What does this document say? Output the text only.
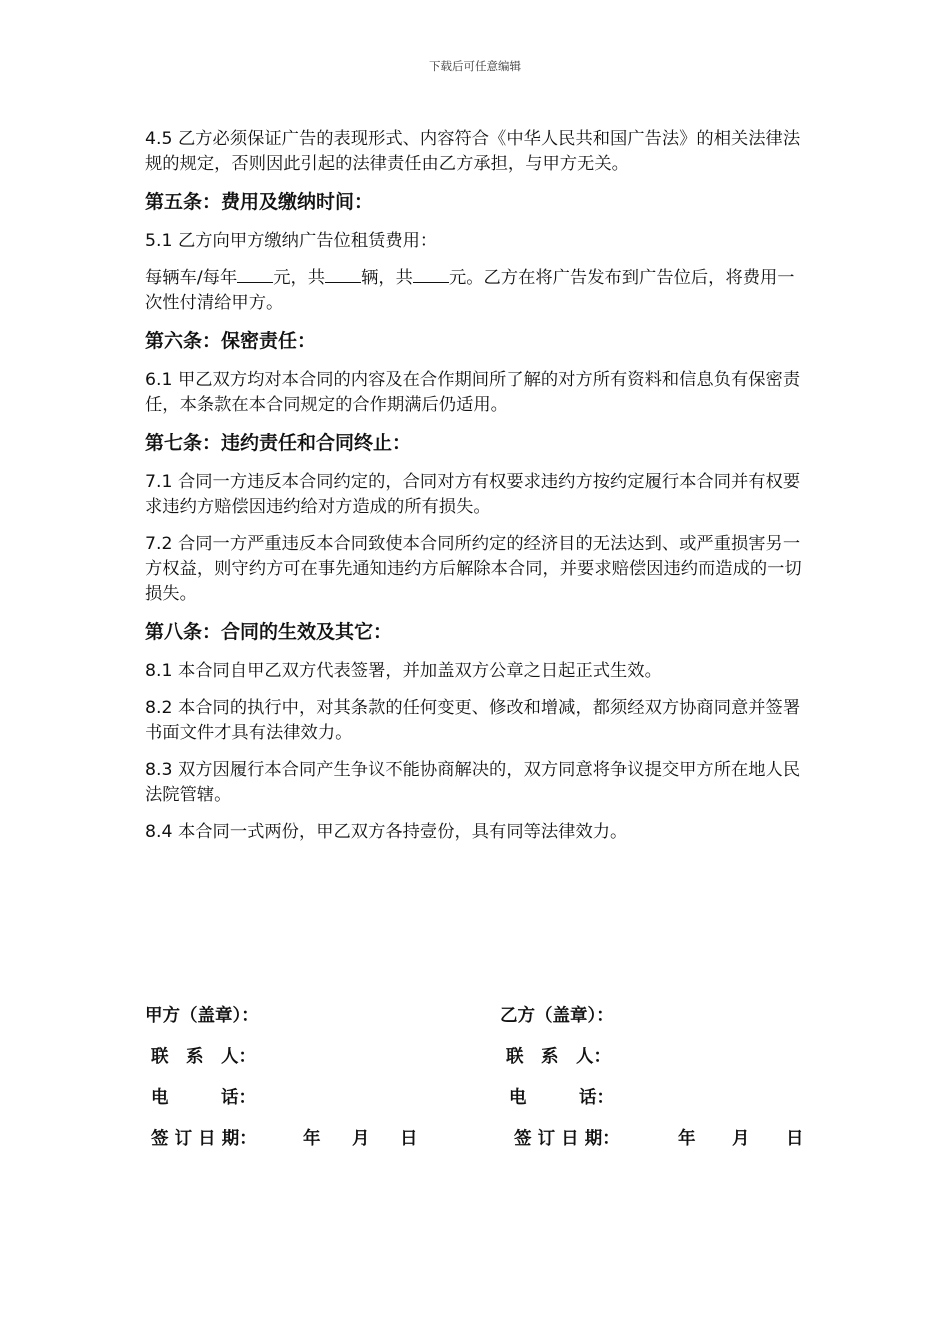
下载后可任意编辑

4.5 乙方必须保证广告的表现形式、内容符合《中华人民共和国广告法》的相关法律法规的规定，否则因此引起的法律责任由乙方承担，与甲方无关。

第五条：费用及缴纳时间：

5.1 乙方向甲方缴纳广告位租赁费用：

每辆车/每年 元，共 辆，共 元。乙方在将广告发布到广告位后，将费用一次性付清给甲方。

第六条：保密责任：

6.1 甲乙双方均对本合同的内容及在合作期间所了解的对方所有资料和信息负有保密责任，本条款在本合同规定的合作期满后仍适用。

第七条：违约责任和合同终止：

7.1 合同一方违反本合同约定的，合同对方有权要求违约方按约定履行本合同并有权要求违约方赔偿因违约给对方造成的所有损失。

7.2 合同一方严重违反本合同致使本合同所约定的经济目的无法达到、或严重损害另一方权益，则守约方可在事先通知违约方后解除本合同，并要求赔偿因违约而造成的一切损失。

第八条：合同的生效及其它：

8.1 本合同自甲乙双方代表签署，并加盖双方公章之日起正式生效。

8.2 本合同的执行中，对其条款的任何变更、修改和增减，都须经双方协商同意并签署书面文件才具有法律效力。

8.3 双方因履行本合同产生争议不能协商解决的，双方同意将争议提交甲方所在地人民法院管辖。

8.4 本合同一式两份，甲乙双方各持壹份，具有同等法律效力。

甲方（盖章）：
联　系　人：
电　　　话：
签 订 日 期：	年 月 日
乙方（盖章）：
联　系　人：
电　　　话：
签 订 日 期：	年 月 日
